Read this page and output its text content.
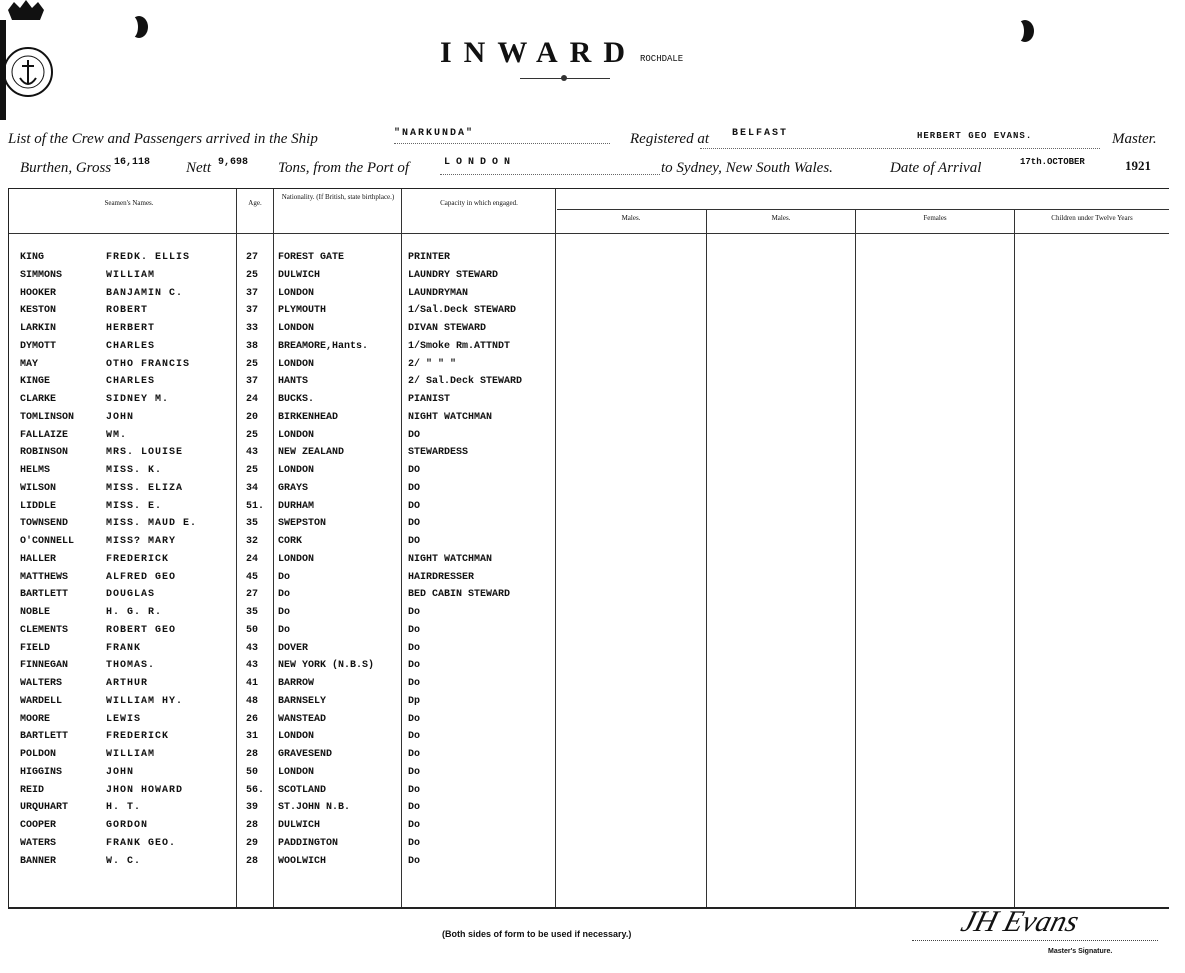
INWARD ROCHDALE
List of the Crew and Passengers arrived in the Ship	"NARKUNDA"	Registered at BELFAST	HERBERT GEO EVANS.	Master.
Burthen, Gross 16,118 Nett 9,698 Tons, from the Port of	LONDON	to Sydney, New South Wales.	Date of Arrival	17th.OCTOBER	1921
Seamen's Names.	Age.
Nationality. (If British, state birthplace.)
Capacity in which engaged.
Males.	Males.	Females	Children under Twelve Years
KING	FREDK. ELLIS	27 FOREST GATE	PRINTER
SIMMONS	WILLIAM	25 DULWICH	LAUNDRY STEWARD
HOOKER	BANJAMIN C.	37 LONDON	LAUNDRYMAN
KESTON	ROBERT	37 PLYMOUTH	1/Sal.Deck STEWARD
LARKIN	HERBERT	33 LONDON	DIVAN STEWARD
DYMOTT	CHARLES	38 BREAMORE,Hants.	1/Smoke Rm.ATTNDT
MAY	OTHO FRANCIS	25 LONDON	2/ " " "
KINGE	CHARLES	37 HANTS	2/ Sal.Deck STEWARD
CLARKE	SIDNEY M.	24 BUCKS.	PIANIST
TOMLINSON	JOHN	20 BIRKENHEAD	NIGHT WATCHMAN
FALLAIZE	WM.	25 LONDON	DO
ROBINSON	MRS. LOUISE	43 NEW ZEALAND	STEWARDESS
HELMS	MISS. K.	25 LONDON	DO
WILSON	MISS. ELIZA	34 GRAYS	DO
LIDDLE	MISS. E.	51. DURHAM	DO
TOWNSEND	MISS. MAUD E.	35 SWEPSTON	DO
O'CONNELL	MISS? MARY	32 CORK	DO
HALLER	FREDERICK	24 LONDON	NIGHT WATCHMAN
MATTHEWS	ALFRED GEO	45 Do	HAIRDRESSER
BARTLETT	DOUGLAS	27 Do	BED CABIN STEWARD
NOBLE	H. G. R.	35 Do	Do
CLEMENTS	ROBERT GEO	50 Do	Do
FIELD	FRANK	43 DOVER	Do
FINNEGAN	THOMAS.	43 NEW YORK (N.B.S)	Do
WALTERS	ARTHUR	41 BARROW	Do
WARDELL	WILLIAM HY.	48 BARNSELY	Dp
MOORE	LEWIS	26 WANSTEAD	Do
BARTLETT	FREDERICK	31 LONDON	Do
POLDON	WILLIAM	28 GRAVESEND	Do
HIGGINS	JOHN	50 LONDON	Do
REID	JHON HOWARD	56. SCOTLAND	Do
URQUHART	H. T.	39 ST.JOHN N.B.	Do
COOPER	GORDON	28 DULWICH	Do
WATERS	FRANK GEO.	29 PADDINGTON	Do
BANNER	W. C.	28 WOOLWICH	Do
(Both sides of form to be used if necessary.)	JH Evans
Master's Signature.
